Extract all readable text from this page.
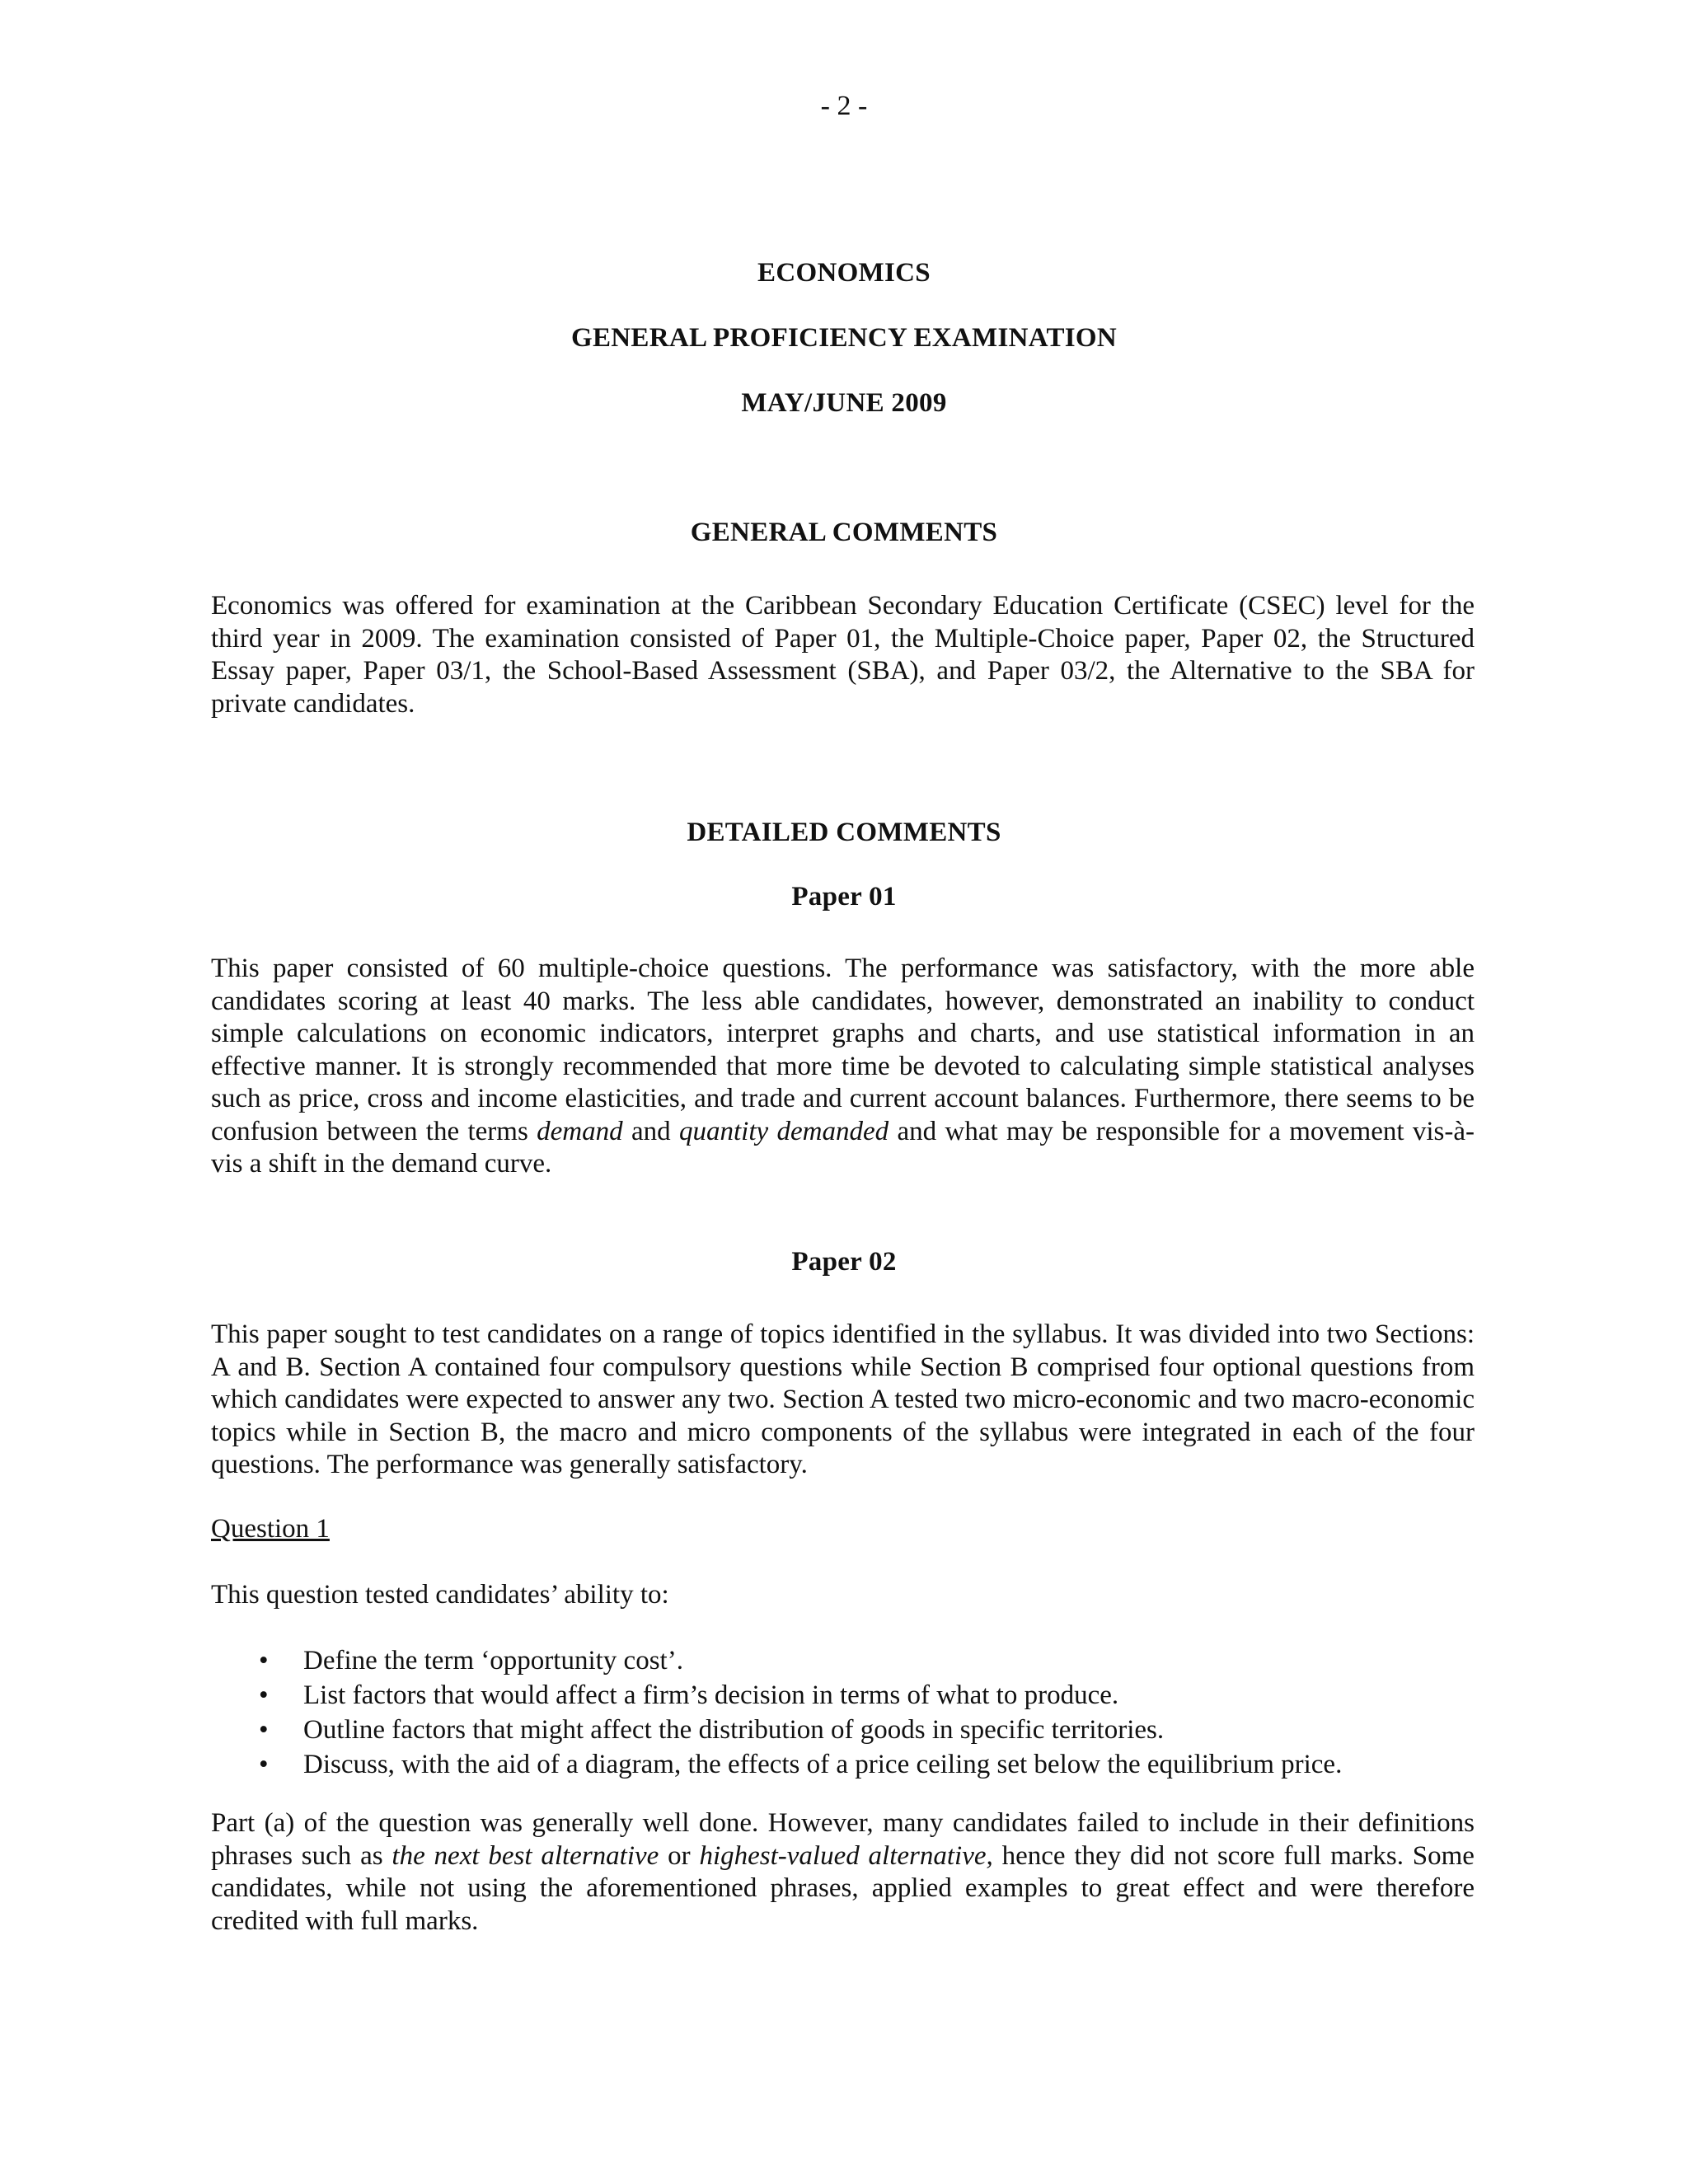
- 2 -
ECONOMICS
GENERAL PROFICIENCY EXAMINATION
MAY/JUNE 2009
GENERAL COMMENTS
Economics was offered for examination at the Caribbean Secondary Education Certificate (CSEC) level for the third year in 2009. The examination consisted of Paper 01, the Multiple-Choice paper, Paper 02, the Structured Essay paper, Paper 03/1, the School-Based Assessment (SBA), and Paper 03/2, the Alternative to the SBA for private candidates.
DETAILED COMMENTS
Paper 01
This paper consisted of 60 multiple-choice questions. The performance was satisfactory, with the more able candidates scoring at least 40 marks. The less able candidates, however, demonstrated an inability to conduct simple calculations on economic indicators, interpret graphs and charts, and use statistical information in an effective manner. It is strongly recommended that more time be devoted to calculating simple statistical analyses such as price, cross and income elasticities, and trade and current account balances. Furthermore, there seems to be confusion between the terms demand and quantity demanded and what may be responsible for a movement vis-à-vis a shift in the demand curve.
Paper 02
This paper sought to test candidates on a range of topics identified in the syllabus. It was divided into two Sections: A and B. Section A contained four compulsory questions while Section B comprised four optional questions from which candidates were expected to answer any two. Section A tested two micro-economic and two macro-economic topics while in Section B, the macro and micro components of the syllabus were integrated in each of the four questions. The performance was generally satisfactory.
Question 1
This question tested candidates’ ability to:
• Define the term ‘opportunity cost’.
• List factors that would affect a firm’s decision in terms of what to produce.
• Outline factors that might affect the distribution of goods in specific territories.
• Discuss, with the aid of a diagram, the effects of a price ceiling set below the equilibrium price.
Part (a) of the question was generally well done. However, many candidates failed to include in their definitions phrases such as the next best alternative or highest-valued alternative, hence they did not score full marks. Some candidates, while not using the aforementioned phrases, applied examples to great effect and were therefore credited with full marks.
